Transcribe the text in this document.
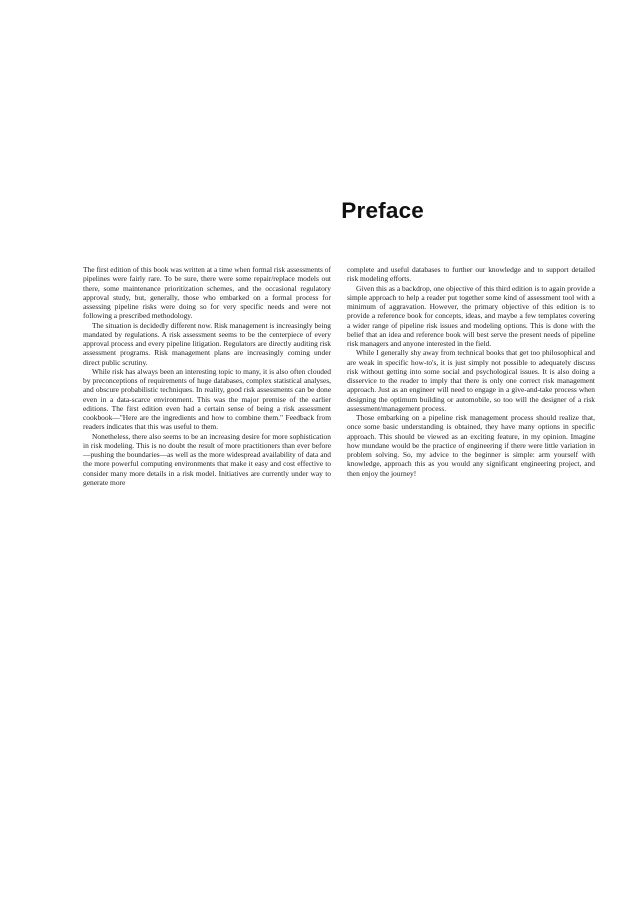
Preface

The first edition of this book was written at a time when formal risk assessments of pipelines were fairly rare. To be sure, there were some repair/replace models out there, some maintenance prioritization schemes, and the occasional regulatory approval study, but, generally, those who embarked on a formal process for assessing pipeline risks were doing so for very specific needs and were not following a prescribed methodology.

The situation is decidedly different now. Risk management is increasingly being mandated by regulations. A risk assessment seems to be the centerpiece of every approval process and every pipeline litigation. Regulators are directly auditing risk assessment programs. Risk management plans are increasingly coming under direct public scrutiny.

While risk has always been an interesting topic to many, it is also often clouded by preconceptions of requirements of huge databases, complex statistical analyses, and obscure probabilistic techniques. In reality, good risk assessments can be done even in a data-scarce environment. This was the major premise of the earlier editions. The first edition even had a certain sense of being a risk assessment cookbook—"Here are the ingredients and how to combine them." Feedback from readers indicates that this was useful to them.

Nonetheless, there also seems to be an increasing desire for more sophistication in risk modeling. This is no doubt the result of more practitioners than ever before—pushing the boundaries—as well as the more widespread availability of data and the more powerful computing environments that make it easy and cost effective to consider many more details in a risk model. Initiatives are currently under way to generate more

complete and useful databases to further our knowledge and to support detailed risk modeling efforts.

Given this as a backdrop, one objective of this third edition is to again provide a simple approach to help a reader put together some kind of assessment tool with a minimum of aggravation. However, the primary objective of this edition is to provide a reference book for concepts, ideas, and maybe a few templates covering a wider range of pipeline risk issues and modeling options. This is done with the belief that an idea and reference book will best serve the present needs of pipeline risk managers and anyone interested in the field.

While I generally shy away from technical books that get too philosophical and are weak in specific how-to's, it is just simply not possible to adequately discuss risk without getting into some social and psychological issues. It is also doing a disservice to the reader to imply that there is only one correct risk management approach. Just as an engineer will need to engage in a give-and-take process when designing the optimum building or automobile, so too will the designer of a risk assessment/management process.

Those embarking on a pipeline risk management process should realize that, once some basic understanding is obtained, they have many options in specific approach. This should be viewed as an exciting feature, in my opinion. Imagine how mundane would be the practice of engineering if there were little variation in problem solving. So, my advice to the beginner is simple: arm yourself with knowledge, approach this as you would any significant engineering project, and then enjoy the journey!
